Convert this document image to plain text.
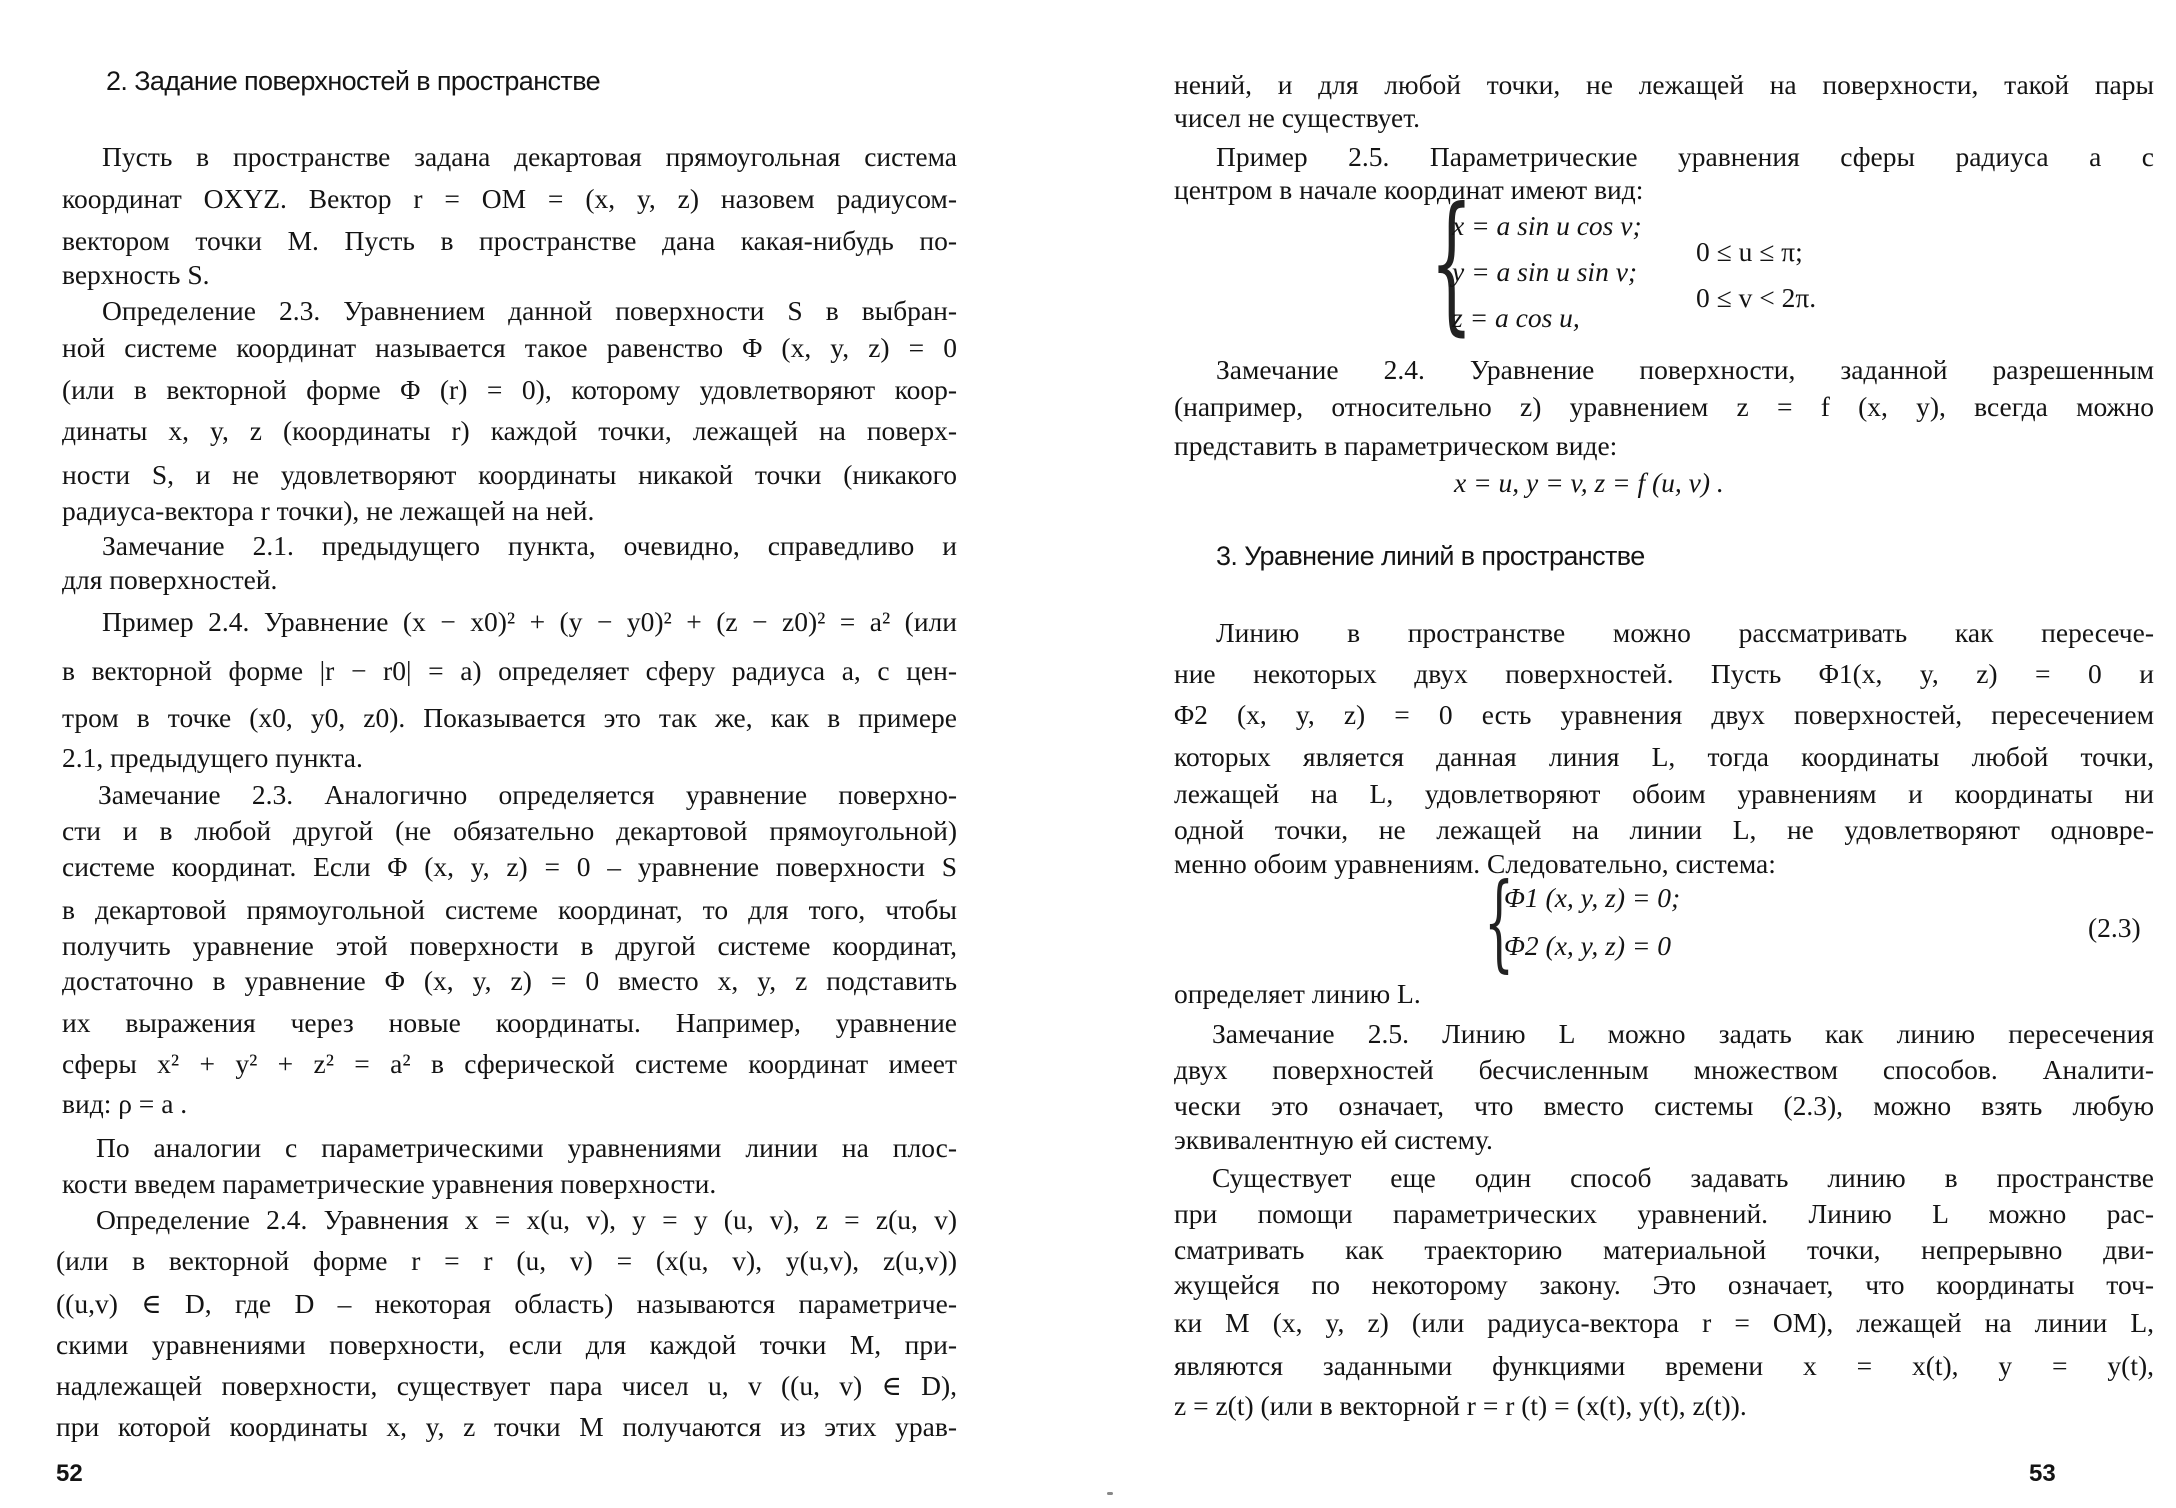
2. Задание поверхностей в пространстве
Пусть в пространстве задана декартовая прямоугольная система
координат OXYZ. Вектор r = OM = (x, y, z) назовем радиусом-
вектором точки M. Пусть в пространстве дана какая-нибудь по-
верхность S.
Определение 2.3. Уравнением данной поверхности S в выбран-
ной системе координат называется такое равенство Φ (x, y, z) = 0
(или в векторной форме Φ (r) = 0), которому удовлетворяют коор-
динаты x, y, z (координаты r) каждой точки, лежащей на поверх-
ности S, и не удовлетворяют координаты никакой точки (никакого
радиуса-вектора r точки), не лежащей на ней.
Замечание 2.1. предыдущего пункта, очевидно, справедливо и
для поверхностей.
Пример 2.4. Уравнение (x − x0)² + (y − y0)² + (z − z0)² = a² (или
в векторной форме |r − r0| = a) определяет сферу радиуса a, с цен-
тром в точке (x0, y0, z0). Показывается это так же, как в примере
2.1, предыдущего пункта.
Замечание 2.3. Аналогично определяется уравнение поверхно-
сти и в любой другой (не обязательно декартовой прямоугольной)
системе координат. Если Φ (x, y, z) = 0 – уравнение поверхности S
в декартовой прямоугольной системе координат, то для того, чтобы
получить уравнение этой поверхности в другой системе координат,
достаточно в уравнение Φ (x, y, z) = 0 вместо x, y, z подставить
их выражения через новые координаты. Например, уравнение
сферы x² + y² + z² = a² в сферической системе координат имеет
вид: ρ = a .
По аналогии с параметрическими уравнениями линии на плос-
кости введем параметрические уравнения поверхности.
Определение 2.4. Уравнения x = x(u, v), y = y (u, v), z = z(u, v)
(или в векторной форме r = r (u, v) = (x(u, v), y(u,v), z(u,v))
((u,v) ∈ D, где D – некоторая область) называются параметриче-
скими уравнениями поверхности, если для каждой точки M, при-
надлежащей поверхности, существует пара чисел u, v ((u, v) ∈ D),
при которой координаты x, y, z точки M получаются из этих урав-
52
нений, и для любой точки, не лежащей на поверхности, такой пары
чисел не существует.
Пример 2.5. Параметрические уравнения сферы радиуса a с
центром в начале координат имеют вид:
{
x = a sin u cos v;
y = a sin u sin v;
z = a cos u,
0 ≤ u ≤ π;
0 ≤ v < 2π.
Замечание 2.4. Уравнение поверхности, заданной разрешенным
(например, относительно z) уравнением z = f (x, y), всегда можно
представить в параметрическом виде:
x = u, y = v, z = f (u, v) .
3. Уравнение линий в пространстве
Линию в пространстве можно рассматривать как пересече-
ние некоторых двух поверхностей. Пусть Φ1(x, y, z) = 0 и
Φ2 (x, y, z) = 0 есть уравнения двух поверхностей, пересечением
которых является данная линия L, тогда координаты любой точки,
лежащей на L, удовлетворяют обоим уравнениям и координаты ни
одной точки, не лежащей на линии L, не удовлетворяют одновре-
менно обоим уравнениям. Следовательно, система:
{
Φ1 (x, y, z) = 0;
Φ2 (x, y, z) = 0
(2.3)
определяет линию L.
Замечание 2.5. Линию L можно задать как линию пересечения
двух поверхностей бесчисленным множеством способов. Аналити-
чески это означает, что вместо системы (2.3), можно взять любую
эквивалентную ей систему.
Существует еще один способ задавать линию в пространстве
при помощи параметрических уравнений. Линию L можно рас-
сматривать как траекторию материальной точки, непрерывно дви-
жущейся по некоторому закону. Это означает, что координаты точ-
ки M (x, y, z) (или радиуса-вектора r = OM), лежащей на линии L,
являются заданными функциями времени x = x(t), y = y(t),
z = z(t) (или в векторной r = r (t) = (x(t), y(t), z(t)).
53
